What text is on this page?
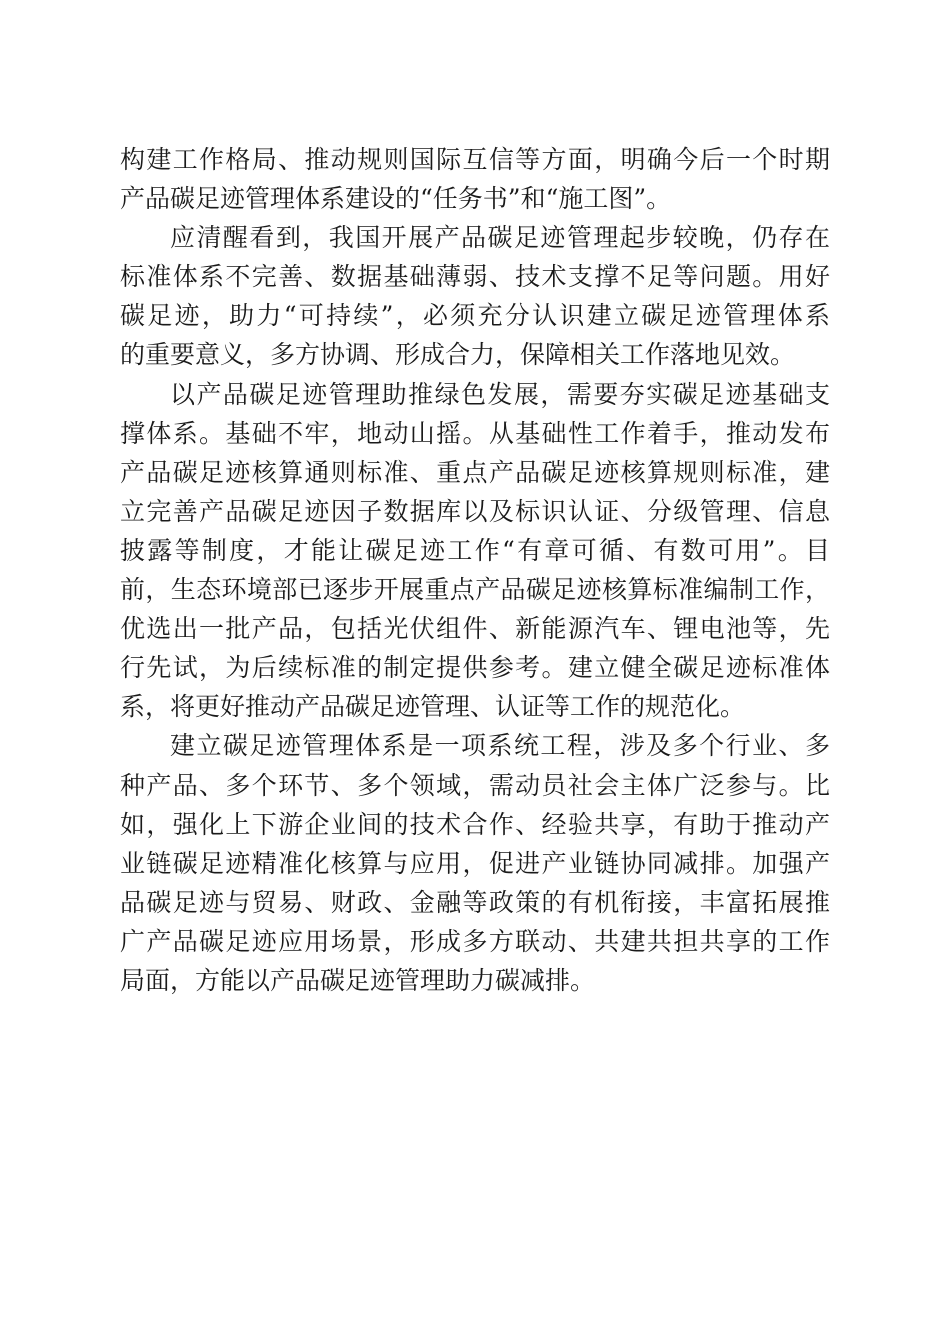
构建工作格局、推动规则国际互信等方面，明确今后一个时期
产品碳足迹管理体系建设的“任务书”和“施工图”。
应清醒看到，我国开展产品碳足迹管理起步较晚，仍存在
标准体系不完善、数据基础薄弱、技术支撑不足等问题。用好
碳足迹，助力“可持续”，必须充分认识建立碳足迹管理体系
的重要意义，多方协调、形成合力，保障相关工作落地见效。
以产品碳足迹管理助推绿色发展，需要夯实碳足迹基础支
撑体系。基础不牢，地动山摇。从基础性工作着手，推动发布
产品碳足迹核算通则标准、重点产品碳足迹核算规则标准，建
立完善产品碳足迹因子数据库以及标识认证、分级管理、信息
披露等制度，才能让碳足迹工作“有章可循、有数可用”。目
前，生态环境部已逐步开展重点产品碳足迹核算标准编制工作，
优选出一批产品，包括光伏组件、新能源汽车、锂电池等，先
行先试，为后续标准的制定提供参考。建立健全碳足迹标准体
系，将更好推动产品碳足迹管理、认证等工作的规范化。
建立碳足迹管理体系是一项系统工程，涉及多个行业、多
种产品、多个环节、多个领域，需动员社会主体广泛参与。比
如，强化上下游企业间的技术合作、经验共享，有助于推动产
业链碳足迹精准化核算与应用，促进产业链协同减排。加强产
品碳足迹与贸易、财政、金融等政策的有机衔接，丰富拓展推
广产品碳足迹应用场景，形成多方联动、共建共担共享的工作
局面，方能以产品碳足迹管理助力碳减排。
